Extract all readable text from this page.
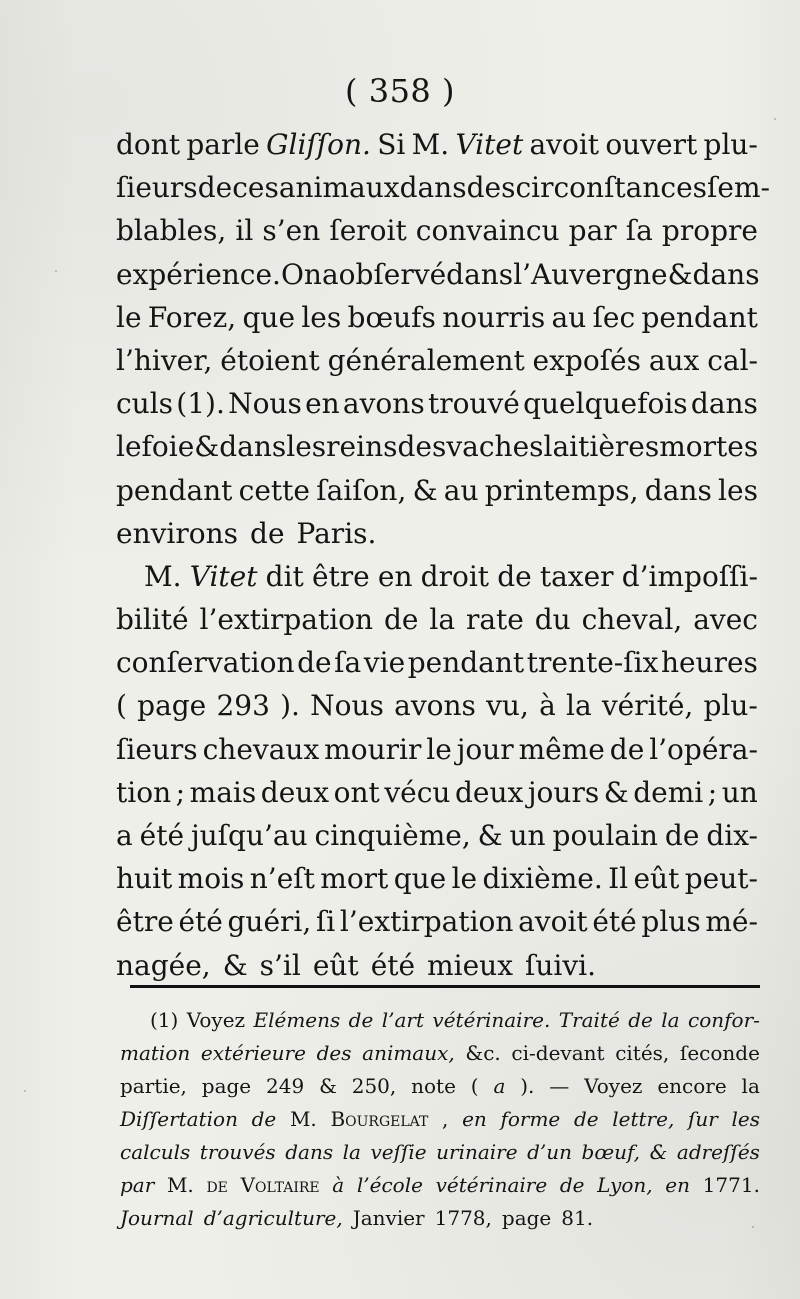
( 358 )
dont parle Gliſſon. Si M. Vitet avoit ouvert plu-
ſieurs de ces animaux dans des circonſtances ſem-
blables, il s’en ſeroit convaincu par ſa propre
expérience. On a obſervé dans l’Auvergne & dans
le Forez, que les bœufs nourris au ſec pendant
l’hiver, étoient généralement expoſés aux cal-
culs (1). Nous en avons trouvé quelquefois dans
le foie & dans les reins des vaches laitières mortes
pendant cette ſaiſon, & au printemps, dans les
environs de Paris.
M. Vitet dit être en droit de taxer d’impoſſi-
bilité l’extirpation de la rate du cheval, avec
conſervation de ſa vie pendant trente-ſix heures
( page 293 ). Nous avons vu, à la vérité, plu-
ſieurs chevaux mourir le jour même de l’opéra-
tion ; mais deux ont vécu deux jours & demi ; un
a été juſqu’au cinquième, & un poulain de dix-
huit mois n’eſt mort que le dixième. Il eût peut-
être été guéri, ſi l’extirpation avoit été plus mé-
nagée, & s’il eût été mieux ſuivi.
(1) Voyez Elémens de l’art vétérinaire. Traité de la confor-
mation extérieure des animaux, &c. ci-devant cités, ſeconde
partie, page 249 & 250, note ( a ). — Voyez encore la
Diſſertation de M. Bourgelat , en forme de lettre, ſur les
calculs trouvés dans la veſſie urinaire d’un bœuf, & adreſſés
par M. de Voltaire à l’école vétérinaire de Lyon, en 1771.
Journal d’agriculture, Janvier 1778, page 81.
